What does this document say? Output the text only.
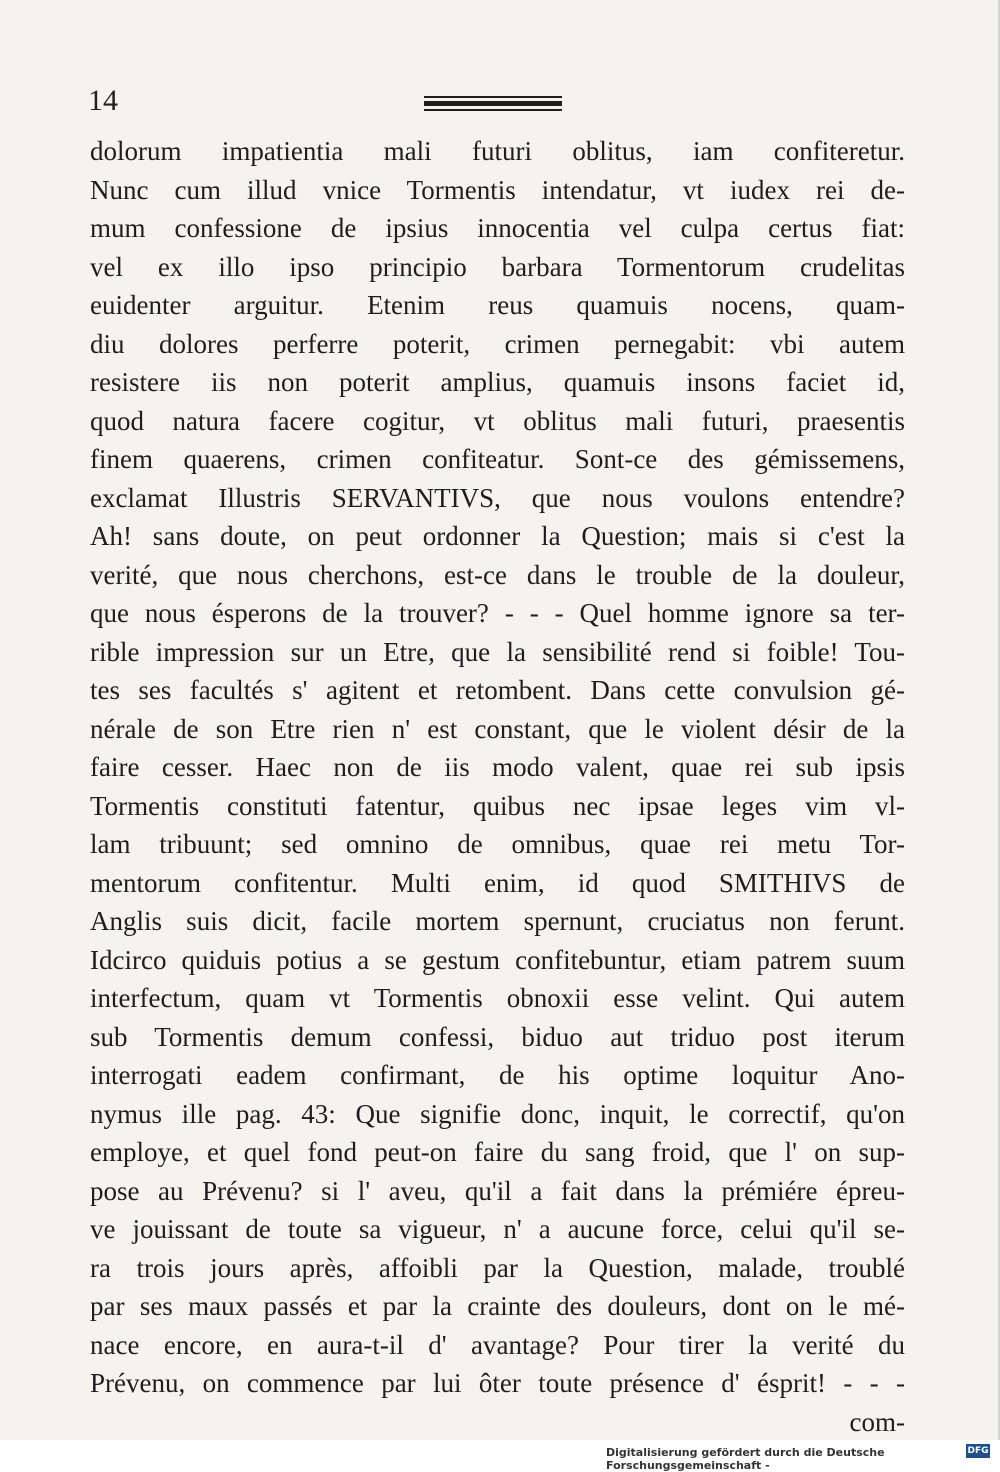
14
dolorum impatientia mali futuri oblitus, iam confiteretur.
Nunc cum illud vnice Tormentis intendatur, vt iudex rei de-
mum confessione de ipsius innocentia vel culpa certus fiat:
vel ex illo ipso principio barbara Tormentorum crudelitas
euidenter arguitur. Etenim reus quamuis nocens, quam-
diu dolores perferre poterit, crimen pernegabit: vbi autem
resistere iis non poterit amplius, quamuis insons faciet id,
quod natura facere cogitur, vt oblitus mali futuri, praesentis
finem quaerens, crimen confiteatur. Sont-ce des gémissemens,
exclamat Illustris SERVANTIVS, que nous voulons entendre?
Ah! sans doute, on peut ordonner la Question; mais si c'est la
verité, que nous cherchons, est-ce dans le trouble de la douleur,
que nous ésperons de la trouver? - - - Quel homme ignore sa ter-
rible impression sur un Etre, que la sensibilité rend si foible! Tou-
tes ses facultés s' agitent et retombent. Dans cette convulsion gé-
nérale de son Etre rien n' est constant, que le violent désir de la
faire cesser. Haec non de iis modo valent, quae rei sub ipsis
Tormentis constituti fatentur, quibus nec ipsae leges vim vl-
lam tribuunt; sed omnino de omnibus, quae rei metu Tor-
mentorum confitentur. Multi enim, id quod SMITHIVS de
Anglis suis dicit, facile mortem spernunt, cruciatus non ferunt.
Idcirco quiduis potius a se gestum confitebuntur, etiam patrem suum
interfectum, quam vt Tormentis obnoxii esse velint. Qui autem
sub Tormentis demum confessi, biduo aut triduo post iterum
interrogati eadem confirmant, de his optime loquitur Ano-
nymus ille pag. 43: Que signifie donc, inquit, le correctif, qu'on
employe, et quel fond peut-on faire du sang froid, que l' on sup-
pose au Prévenu? si l' aveu, qu'il a fait dans la prémiére épreu-
ve jouissant de toute sa vigueur, n' a aucune force, celui qu'il se-
ra trois jours après, affoibli par la Question, malade, troublé
par ses maux passés et par la crainte des douleurs, dont on le mé-
nace encore, en aura-t-il d' avantage? Pour tirer la verité du
Prévenu, on commence par lui ôter toute présence d' ésprit! - - -
com-
Digitalisierung gefördert durch die Deutsche Forschungsgemeinschaft -
DFG
